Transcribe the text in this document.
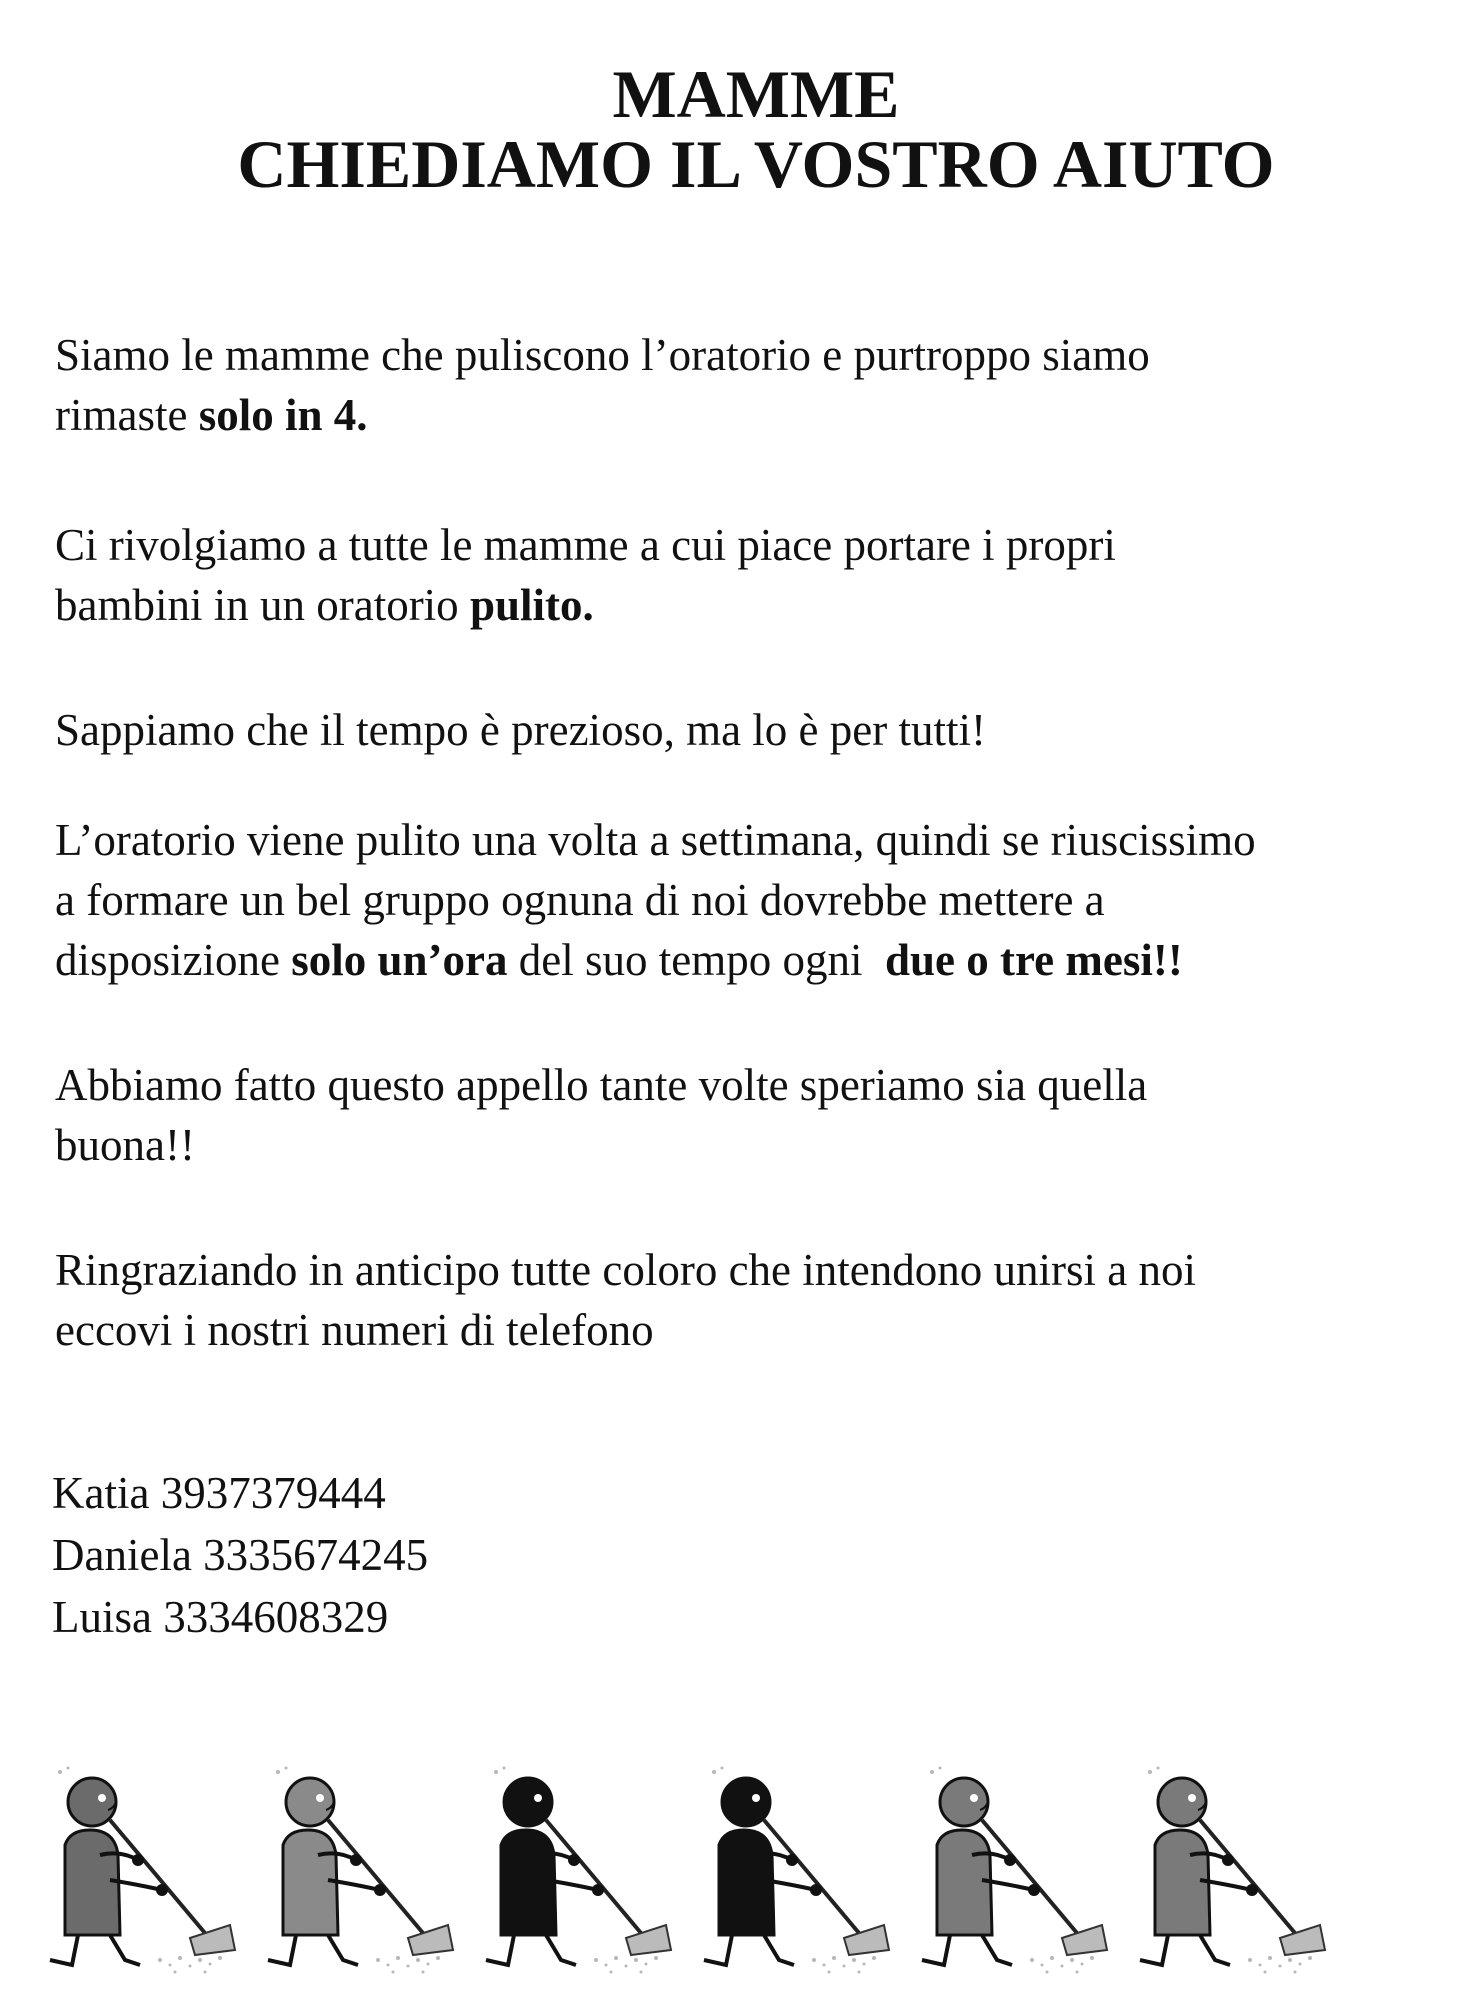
MAMME
CHIEDIAMO IL VOSTRO AIUTO

Siamo le mamme che puliscono l’oratorio e purtroppo siamo
rimaste solo in 4.

Ci rivolgiamo a tutte le mamme a cui piace portare i propri
bambini in un oratorio pulito.

Sappiamo che il tempo è prezioso, ma lo è per tutti!

L’oratorio viene pulito una volta a settimana, quindi se riuscissimo
a formare un bel gruppo ognuna di noi dovrebbe mettere a
disposizione solo un’ora del suo tempo ogni  due o tre mesi!!

Abbiamo fatto questo appello tante volte speriamo sia quella
buona!!

Ringraziando in anticipo tutte coloro che intendono unirsi a noi
eccovi i nostri numeri di telefono

Katia 3937379444
Daniela 3335674245
Luisa 3334608329
